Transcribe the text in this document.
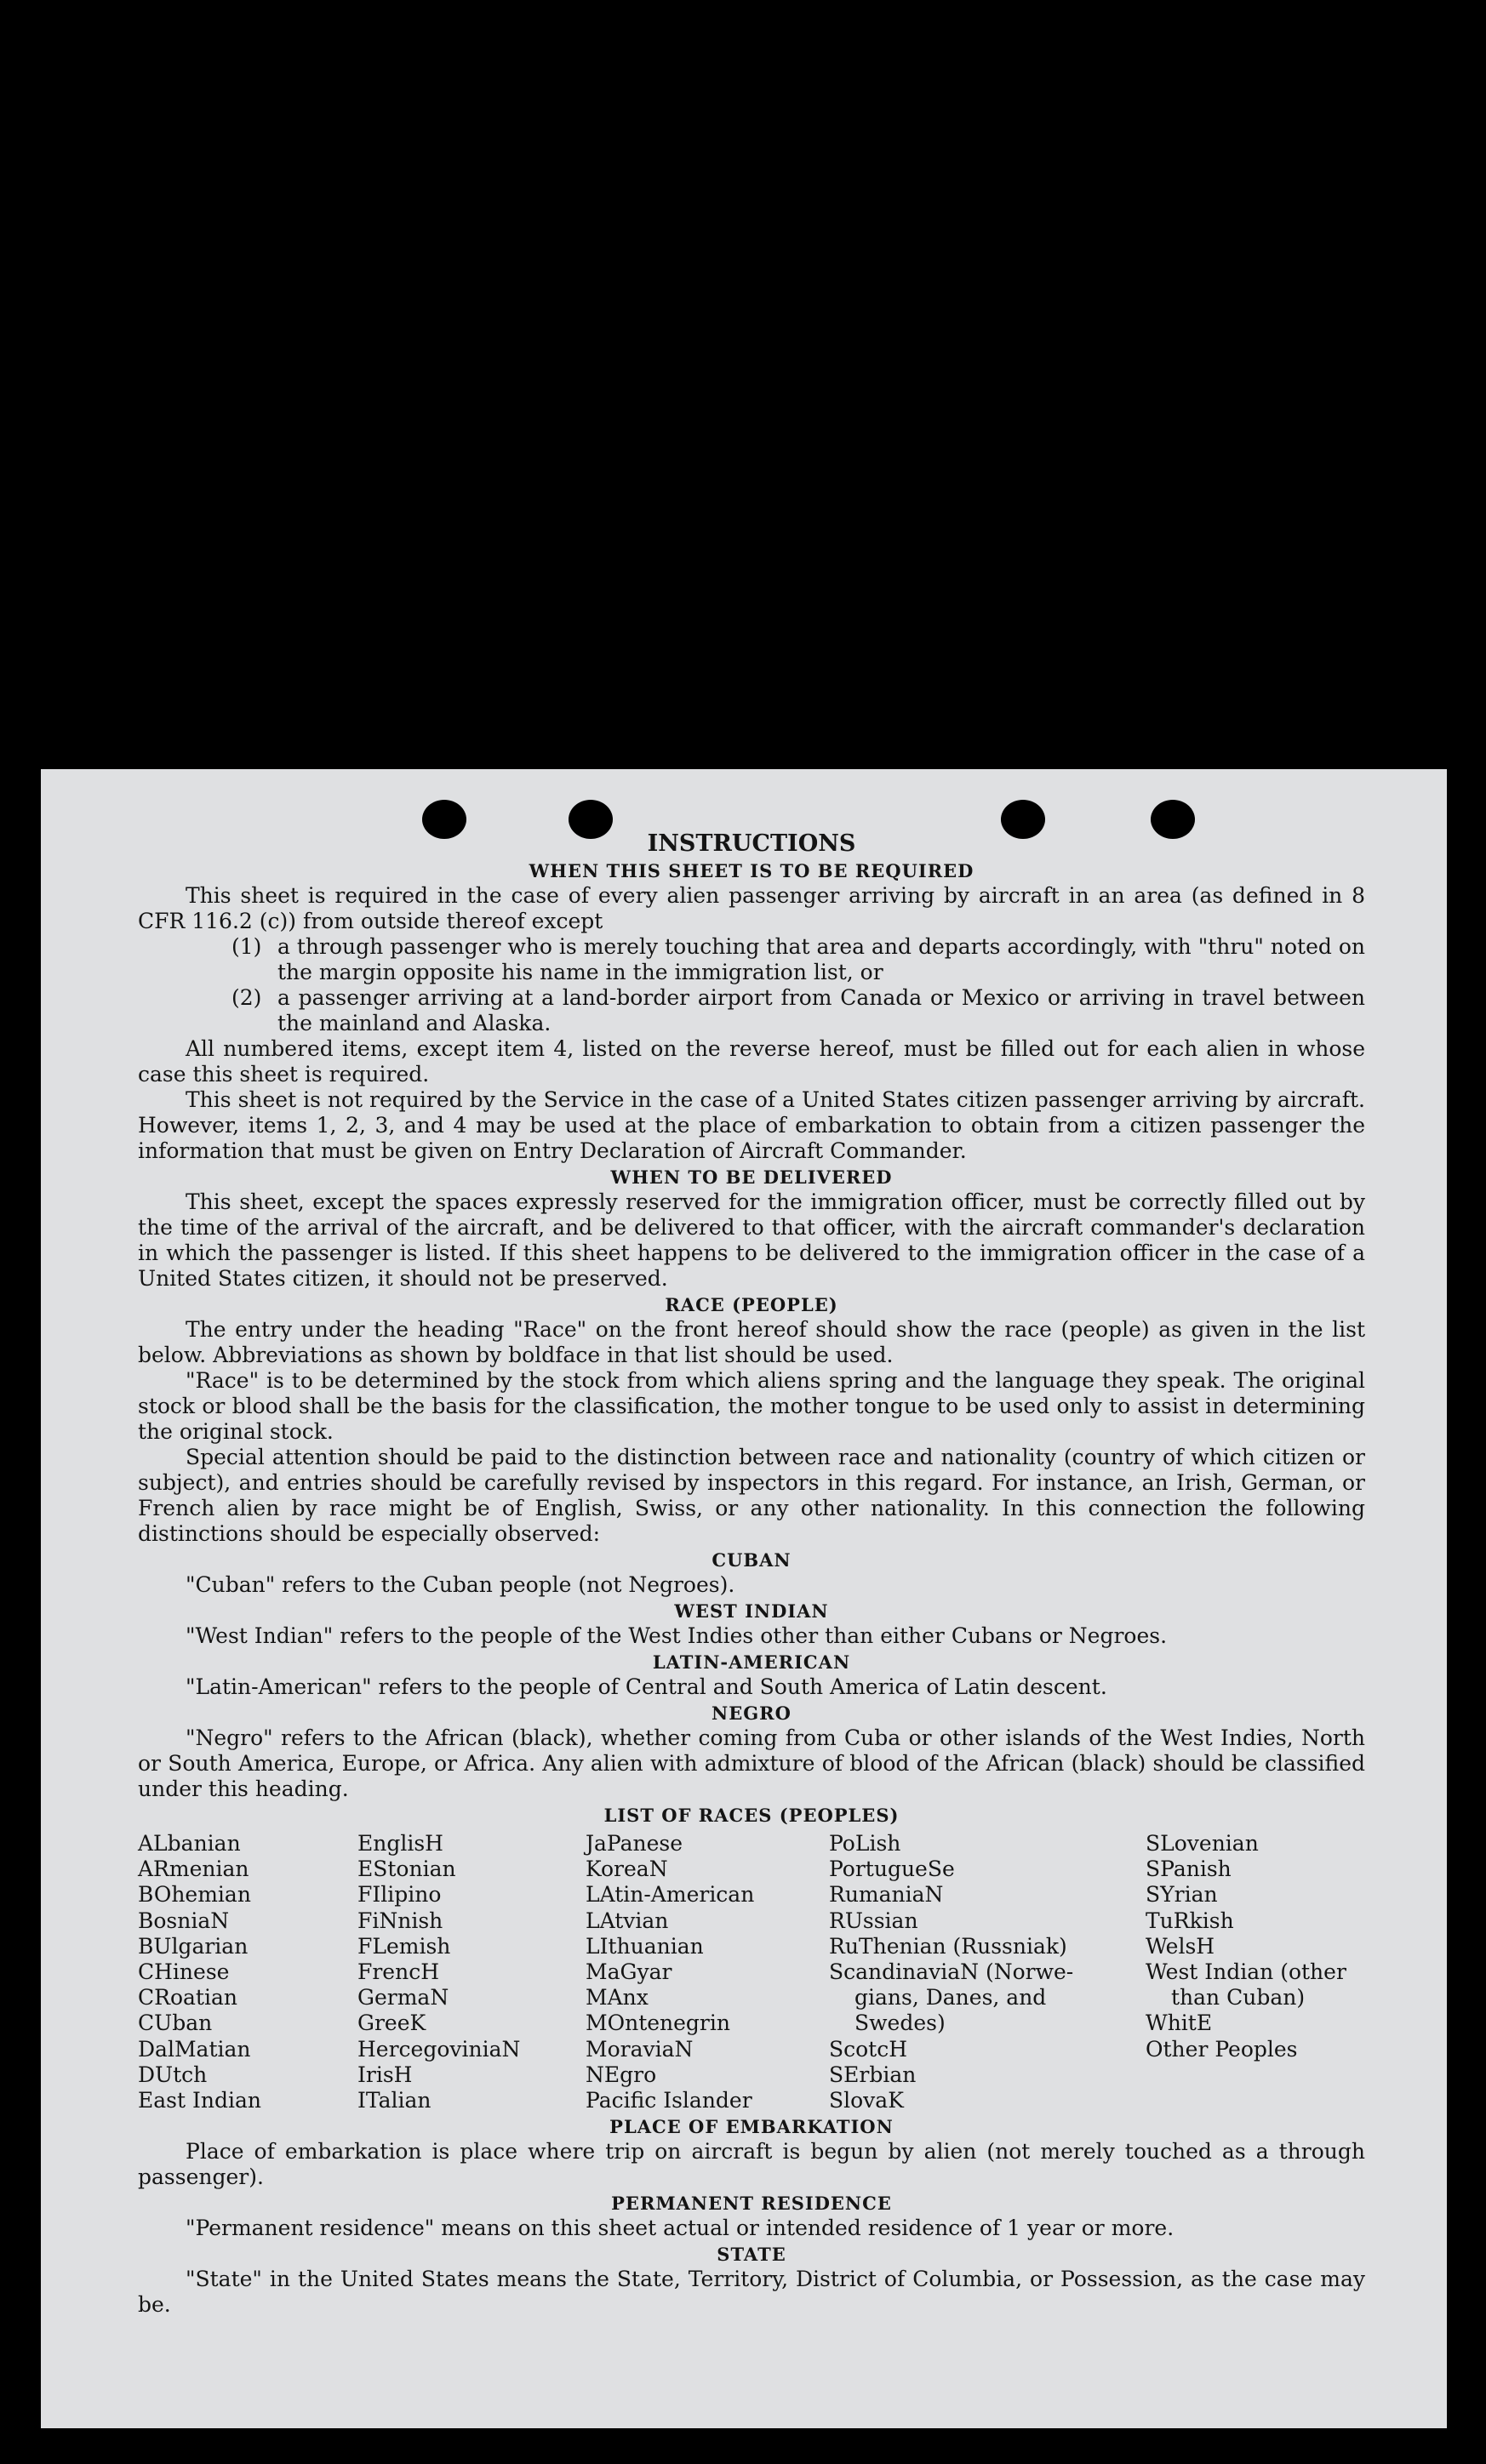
INSTRUCTIONS
WHEN THIS SHEET IS TO BE REQUIRED

This sheet is required in the case of every alien passenger arriving by aircraft in an area (as defined in 8 CFR 116.2 (c)) from outside thereof except

(1) a through passenger who is merely touching that area and departs accordingly, with "thru" noted on the margin opposite his name in the immigration list, or
(2) a passenger arriving at a land-border airport from Canada or Mexico or arriving in travel between the mainland and Alaska.

All numbered items, except item 4, listed on the reverse hereof, must be filled out for each alien in whose case this sheet is required.

This sheet is not required by the Service in the case of a United States citizen passenger arriving by aircraft. However, items 1, 2, 3, and 4 may be used at the place of embarkation to obtain from a citizen passenger the information that must be given on Entry Declaration of Aircraft Commander.

WHEN TO BE DELIVERED

This sheet, except the spaces expressly reserved for the immigration officer, must be correctly filled out by the time of the arrival of the aircraft, and be delivered to that officer, with the aircraft commander's declaration in which the passenger is listed. If this sheet happens to be delivered to the immigration officer in the case of a United States citizen, it should not be preserved.

RACE (PEOPLE)

The entry under the heading "Race" on the front hereof should show the race (people) as given in the list below. Abbreviations as shown by boldface in that list should be used.

"Race" is to be determined by the stock from which aliens spring and the language they speak. The original stock or blood shall be the basis for the classification, the mother tongue to be used only to assist in determining the original stock.

Special attention should be paid to the distinction between race and nationality (country of which citizen or subject), and entries should be carefully revised by inspectors in this regard. For instance, an Irish, German, or French alien by race might be of English, Swiss, or any other nationality. In this connection the following distinctions should be especially observed:

CUBAN

"Cuban" refers to the Cuban people (not Negroes).

WEST INDIAN

"West Indian" refers to the people of the West Indies other than either Cubans or Negroes.

LATIN-AMERICAN

"Latin-American" refers to the people of Central and South America of Latin descent.

NEGRO

"Negro" refers to the African (black), whether coming from Cuba or other islands of the West Indies, North or South America, Europe, or Africa. Any alien with admixture of blood of the African (black) should be classified under this heading.

LIST OF RACES (PEOPLES)
ALbanian
ARmenian
BOhemian
BosniaN
BUlgarian
CHinese
CRoatian
CUban
DalMatian
DUtch
East Indian
EnglisH
EStonian
FIlipino
FiNnish
FLemish
FrencH
GermaN
GreeK
HercegoviniaN
IrisH
ITalian
JaPanese
KoreaN
LAtin-American
LAtvian
LIthuanian
MaGyar
MAnx
MOntenegrin
MoraviaN
NEgro
Pacific Islander
PoLish
PortugueSe
RumaniaN
RUssian
RuThenian (Russniak)
ScandinaviaN (Norwe-
gians, Danes, and
Swedes)
ScotcH
SErbian
SlovaK
SLovenian
SPanish
SYrian
TuRkish
WelsH
West Indian (other
than Cuban)
WhitE
Other Peoples
PLACE OF EMBARKATION

Place of embarkation is place where trip on aircraft is begun by alien (not merely touched as a through passenger).

PERMANENT RESIDENCE

"Permanent residence" means on this sheet actual or intended residence of 1 year or more.

STATE

"State" in the United States means the State, Territory, District of Columbia, or Possession, as the case may be.
